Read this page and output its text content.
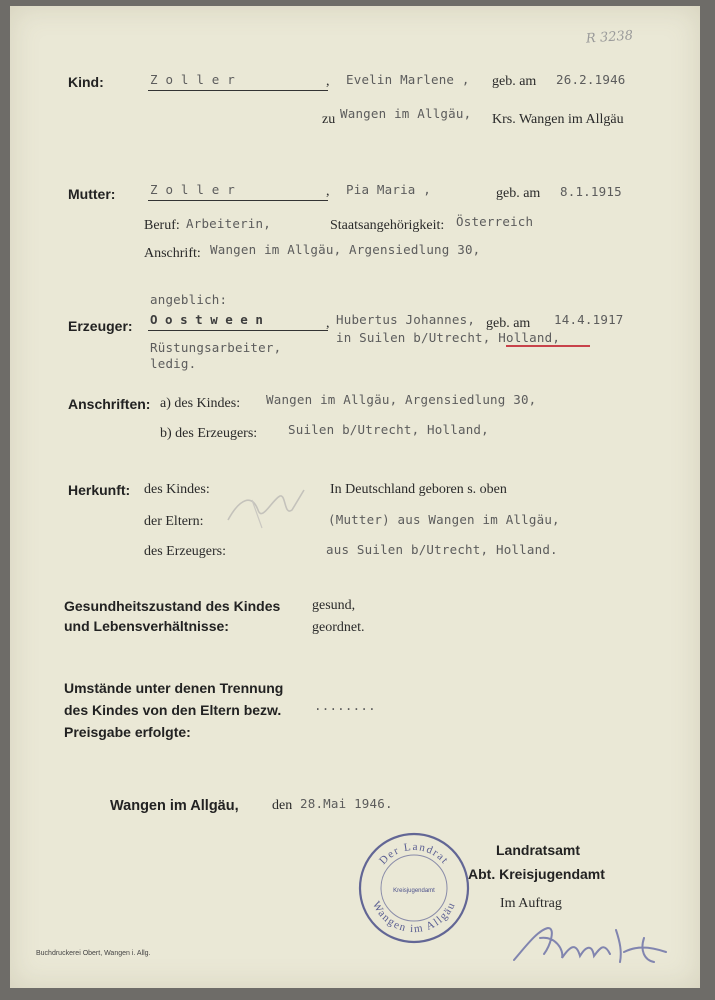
R 3238
Kind:	Z o l l e r	, Evelin Marlene , geb. am 26.2.1946
zu Wangen im Allgäu, Krs. Wangen im Allgäu
Mutter:	Z o l l e r	, Pia Maria ,	geb. am 8.1.1915
Beruf: Arbeiterin,	Staatsangehörigkeit: Österreich
Anschrift: Wangen im Allgäu, Argensiedlung 30,
angeblich:
Erzeuger: O o s t w e e n	, Hubertus Johannes, geb. am 14.4.1917
in Suilen b/Utrecht, Holland,
Rüstungsarbeiter,
ledig.
Anschriften: a) des Kindes: Wangen im Allgäu, Argensiedlung 30,
b) des Erzeugers: Suilen b/Utrecht, Holland,
Herkunft: des Kindes:	In Deutschland geboren s. oben
der Eltern:	(Mutter) aus Wangen im Allgäu,
des Erzeugers:	aus Suilen b/Utrecht, Holland.
Gesundheitszustand des Kindes
und Lebensverhältnisse:
gesund,
geordnet.
Umstände unter denen Trennung
des Kindes von den Eltern bezw.
Preisgabe erfolgte:
........
Wangen im Allgäu, den 28.Mai 1946.
Landratsamt
Abt. Kreisjugendamt
Im Auftrag
Der Landrat
Wangen im Allgäu
Kreisjugendamt
Buchdruckerei Obert, Wangen i. Allg.
